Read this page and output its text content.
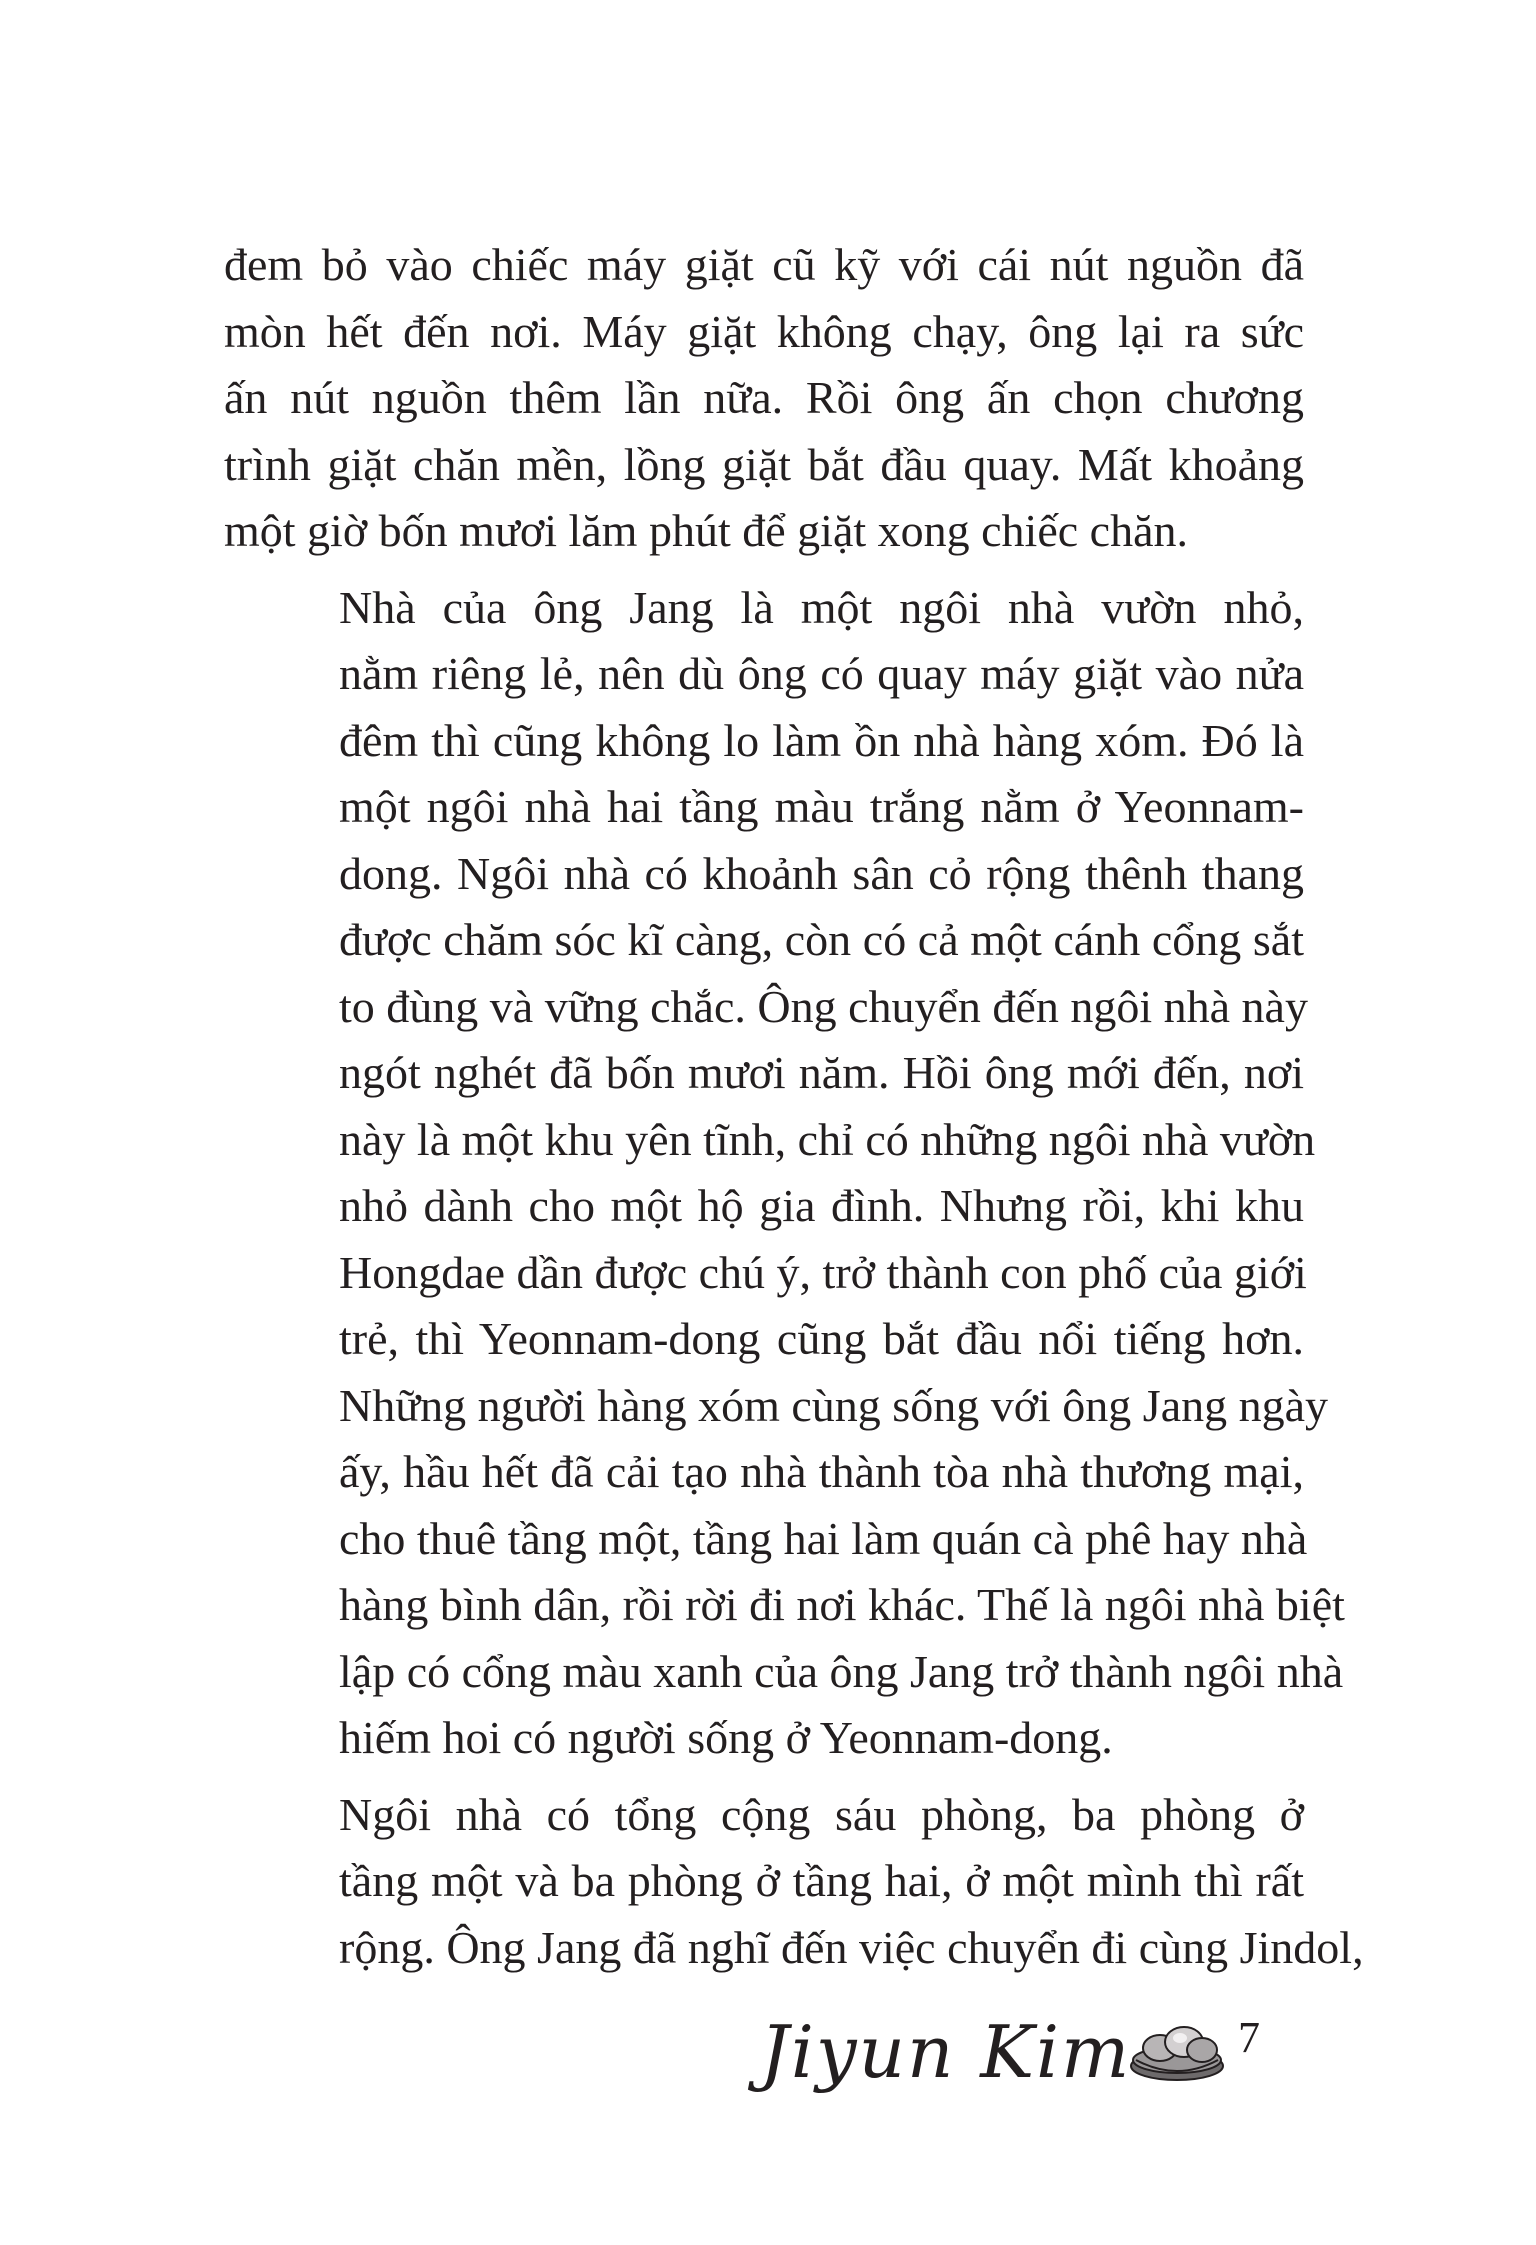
đem bỏ vào chiếc máy giặt cũ kỹ với cái nút nguồn đã
mòn hết đến nơi. Máy giặt không chạy, ông lại ra sức
ấn nút nguồn thêm lần nữa. Rồi ông ấn chọn chương
trình giặt chăn mền, lồng giặt bắt đầu quay. Mất khoảng
một giờ bốn mươi lăm phút để giặt xong chiếc chăn.
Nhà của ông Jang là một ngôi nhà vườn nhỏ,
nằm riêng lẻ, nên dù ông có quay máy giặt vào nửa
đêm thì cũng không lo làm ồn nhà hàng xóm. Đó là
một ngôi nhà hai tầng màu trắng nằm ở Yeonnam-
dong. Ngôi nhà có khoảnh sân cỏ rộng thênh thang
được chăm sóc kĩ càng, còn có cả một cánh cổng sắt
to đùng và vững chắc. Ông chuyển đến ngôi nhà này
ngót nghét đã bốn mươi năm. Hồi ông mới đến, nơi
này là một khu yên tĩnh, chỉ có những ngôi nhà vườn
nhỏ dành cho một hộ gia đình. Nhưng rồi, khi khu
Hongdae dần được chú ý, trở thành con phố của giới
trẻ, thì Yeonnam-dong cũng bắt đầu nổi tiếng hơn.
Những người hàng xóm cùng sống với ông Jang ngày
ấy, hầu hết đã cải tạo nhà thành tòa nhà thương mại,
cho thuê tầng một, tầng hai làm quán cà phê hay nhà
hàng bình dân, rồi rời đi nơi khác. Thế là ngôi nhà biệt
lập có cổng màu xanh của ông Jang trở thành ngôi nhà
hiếm hoi có người sống ở Yeonnam-dong.
Ngôi nhà có tổng cộng sáu phòng, ba phòng ở
tầng một và ba phòng ở tầng hai, ở một mình thì rất
rộng. Ông Jang đã nghĩ đến việc chuyển đi cùng Jindol,
Jiyun Kim 7
